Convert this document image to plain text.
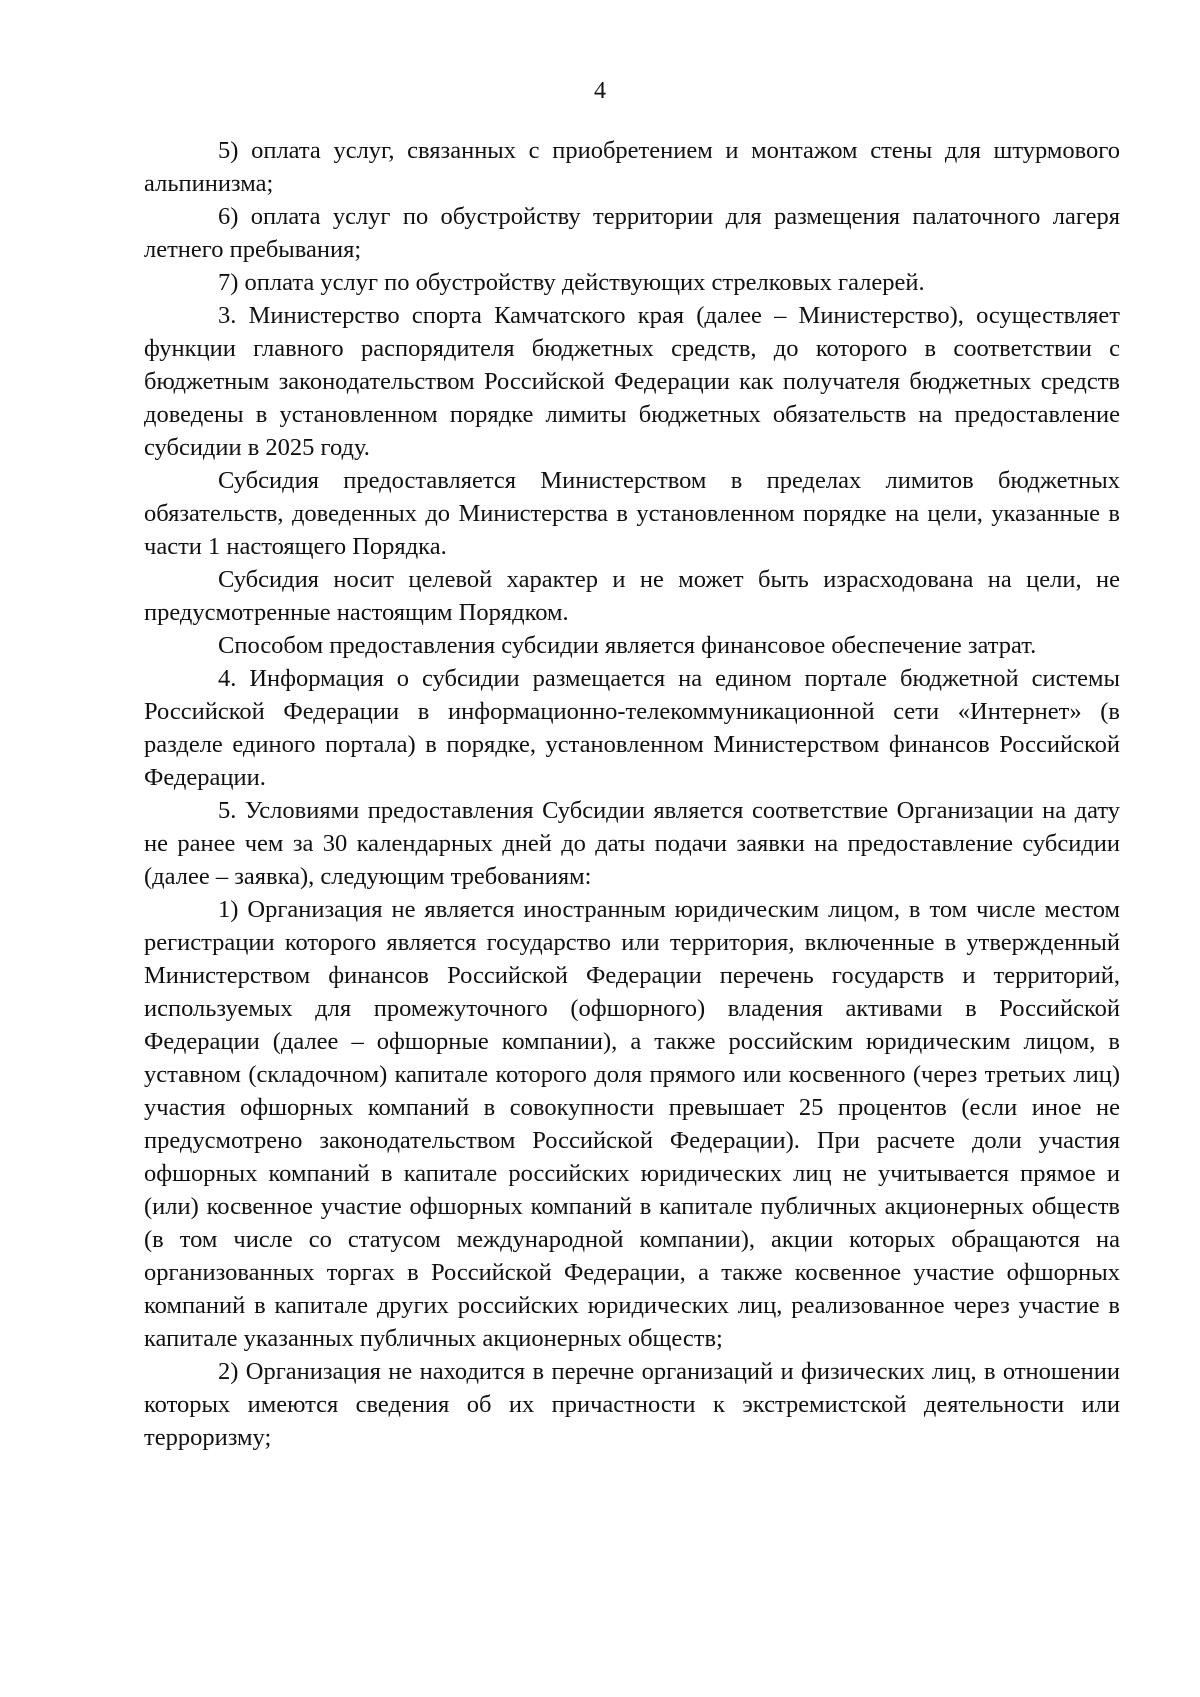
4

5) оплата услуг, связанных с приобретением и монтажом стены для штурмового альпинизма;

6) оплата услуг по обустройству территории для размещения палаточного лагеря летнего пребывания;

7) оплата услуг по обустройству действующих стрелковых галерей.

3. Министерство спорта Камчатского края (далее – Министерство), осуществляет функции главного распорядителя бюджетных средств, до которого в соответствии с бюджетным законодательством Российской Федерации как получателя бюджетных средств доведены в установленном порядке лимиты бюджетных обязательств на предоставление субсидии в 2025 году.

Субсидия предоставляется Министерством в пределах лимитов бюджетных обязательств, доведенных до Министерства в установленном порядке на цели, указанные в части 1 настоящего Порядка.

Субсидия носит целевой характер и не может быть израсходована на цели, не предусмотренные настоящим Порядком.

Способом предоставления субсидии является финансовое обеспечение затрат.

4. Информация о субсидии размещается на едином портале бюджетной системы Российской Федерации в информационно-телекоммуникационной сети «Интернет» (в разделе единого портала) в порядке, установленном Министерством финансов Российской Федерации.

5. Условиями предоставления Субсидии является соответствие Организации на дату не ранее чем за 30 календарных дней до даты подачи заявки на предоставление субсидии (далее – заявка), следующим требованиям:

1) Организация не является иностранным юридическим лицом, в том числе местом регистрации которого является государство или территория, включенные в утвержденный Министерством финансов Российской Федерации перечень государств и территорий, используемых для промежуточного (офшорного) владения активами в Российской Федерации (далее – офшорные компании), а также российским юридическим лицом, в уставном (складочном) капитале которого доля прямого или косвенного (через третьих лиц) участия офшорных компаний в совокупности превышает 25 процентов (если иное не предусмотрено законодательством Российской Федерации). При расчете доли участия офшорных компаний в капитале российских юридических лиц не учитывается прямое и (или) косвенное участие офшорных компаний в капитале публичных акционерных обществ (в том числе со статусом международной компании), акции которых обращаются на организованных торгах в Российской Федерации, а также косвенное участие офшорных компаний в капитале других российских юридических лиц, реализованное через участие в капитале указанных публичных акционерных обществ;

2) Организация не находится в перечне организаций и физических лиц, в отношении которых имеются сведения об их причастности к экстремистской деятельности или терроризму;
